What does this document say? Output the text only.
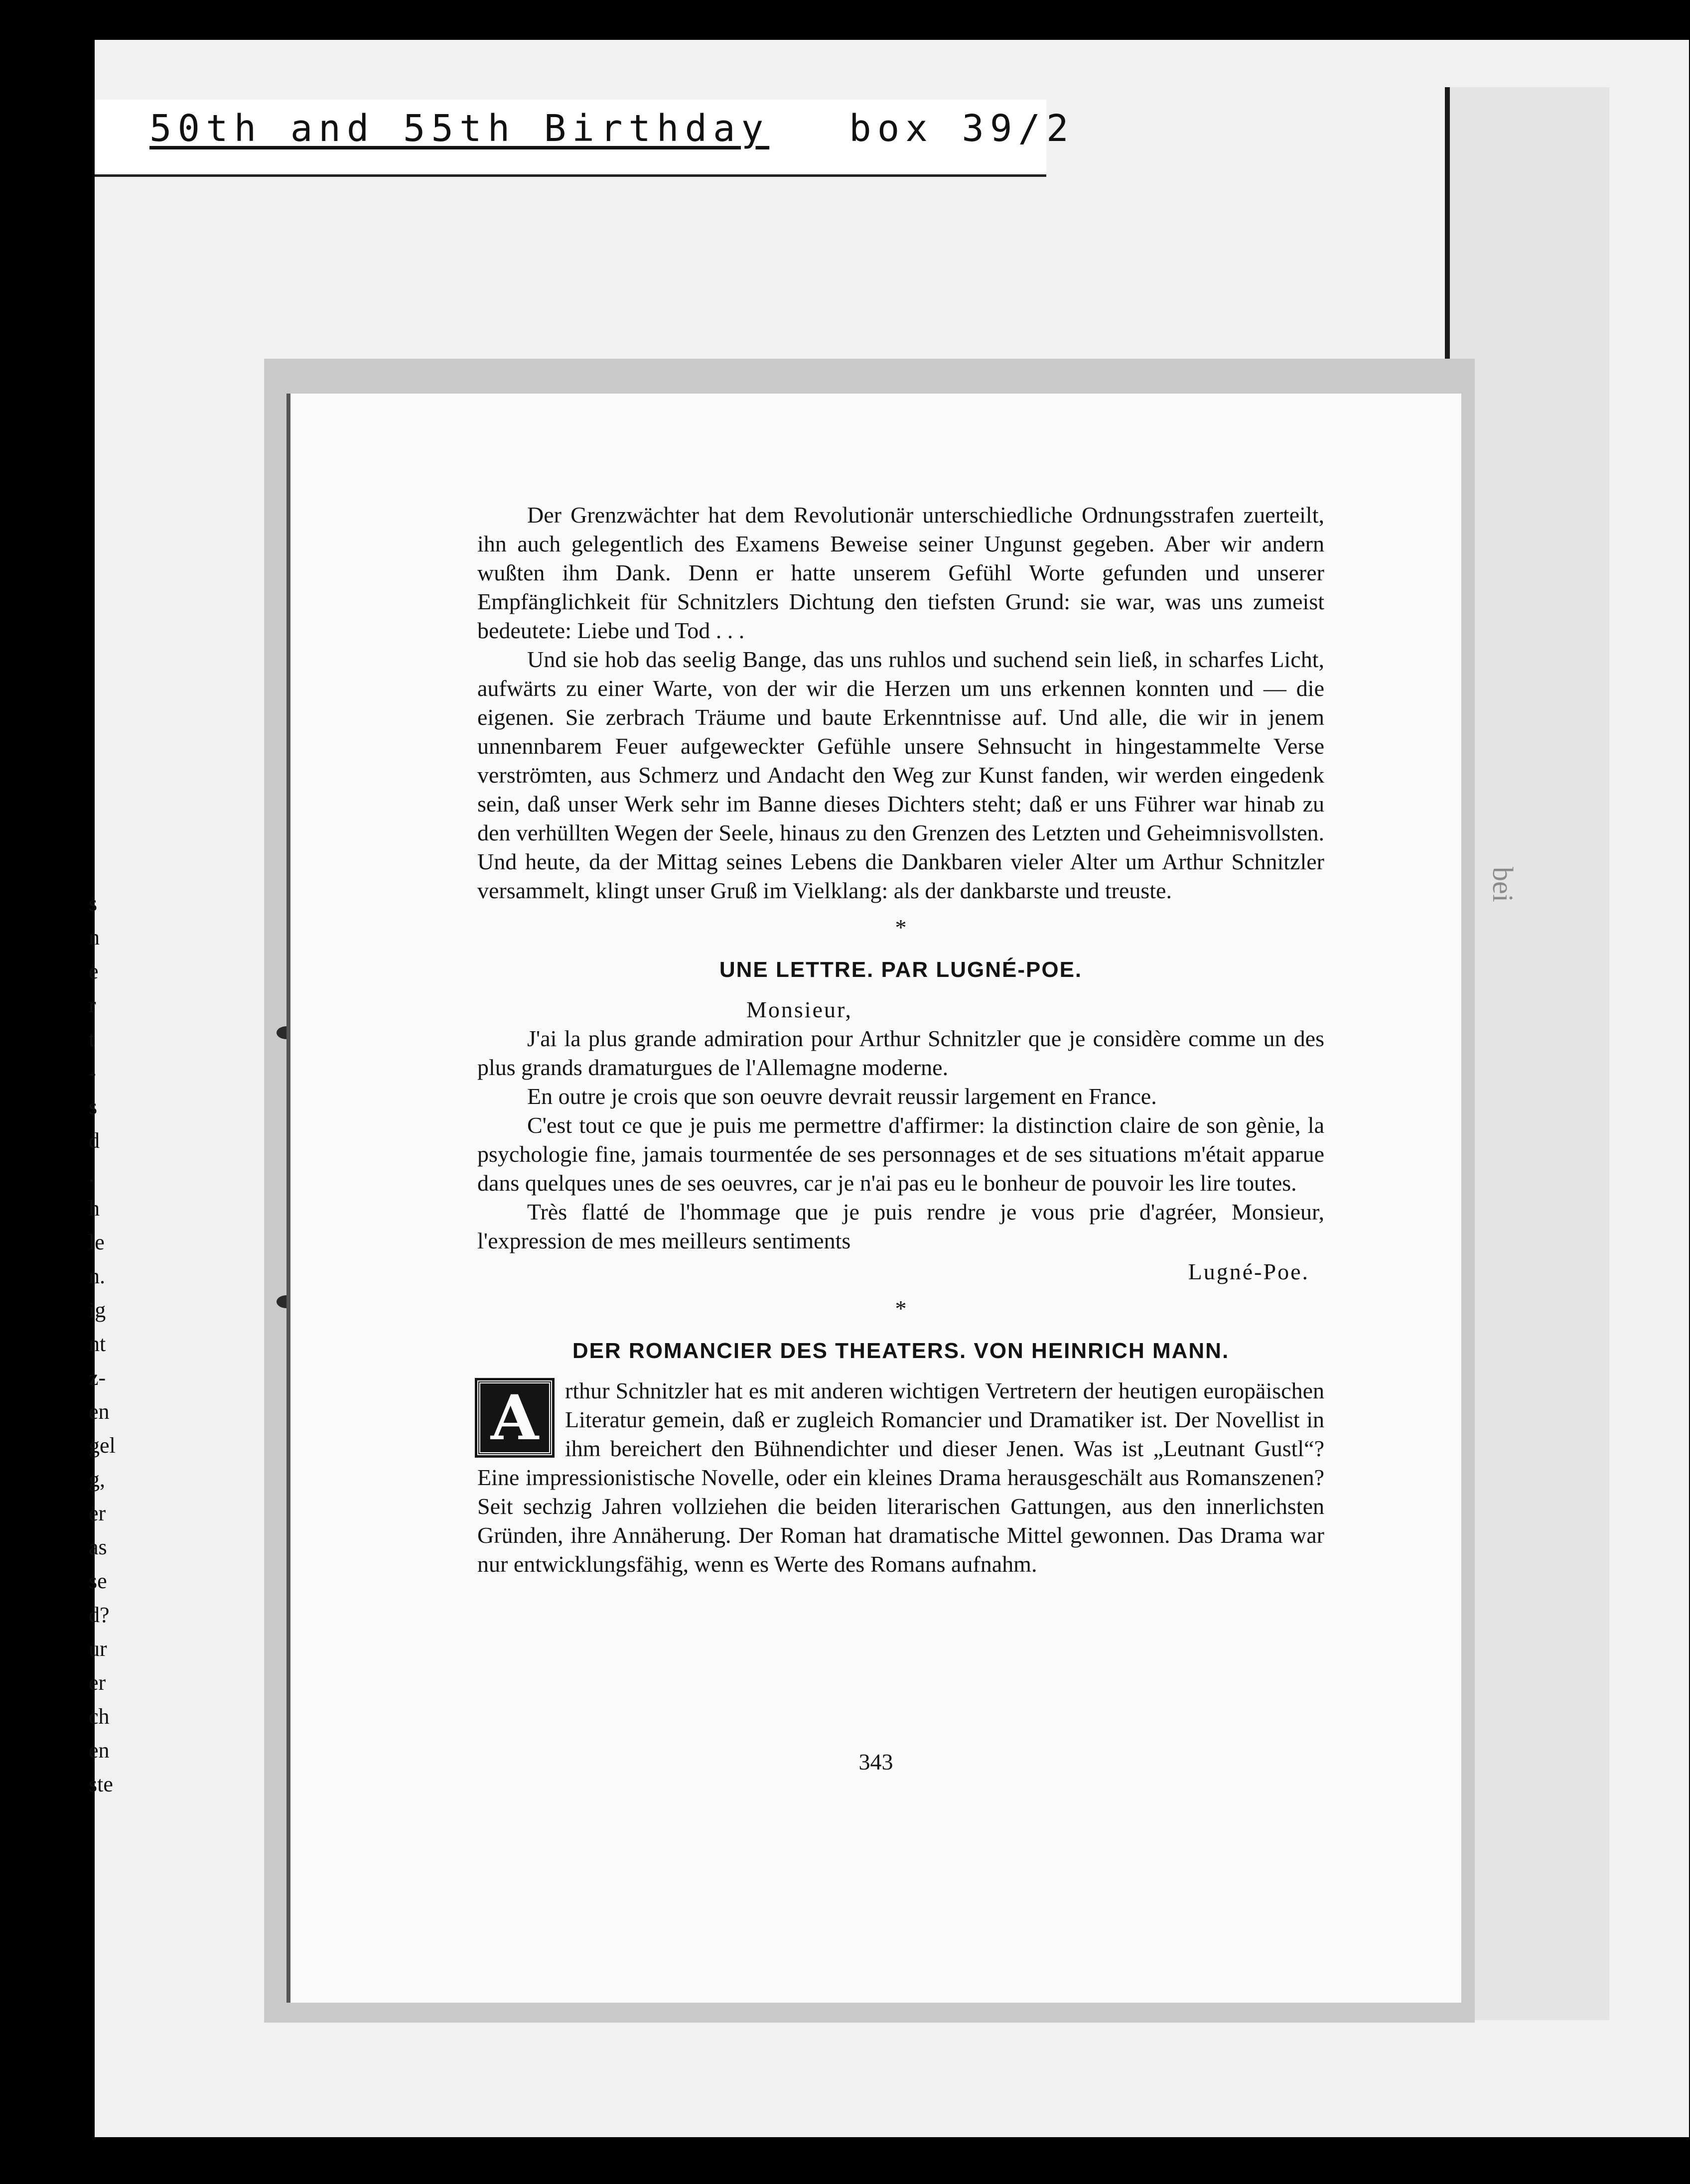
50th and 55th Birthday box 39/2
s
n
e
r
t
-
s
d
.
h
le
n.
ig
nt
z-
en
gel
g,
er
as
se
d?
ur
er
ch
en
ste
bei

Der Grenzwächter hat dem Revolutionär unterschiedliche Ordnungsstrafen zuerteilt, ihn auch gelegentlich des Examens Beweise seiner Ungunst gegeben. Aber wir andern wußten ihm Dank. Denn er hatte unserem Gefühl Worte gefunden und unserer Empfänglichkeit für Schnitzlers Dichtung den tiefsten Grund: sie war, was uns zumeist bedeutete: Liebe und Tod . . .

Und sie hob das seelig Bange, das uns ruhlos und suchend sein ließ, in scharfes Licht, aufwärts zu einer Warte, von der wir die Herzen um uns erkennen konnten und — die eigenen. Sie zerbrach Träume und baute Erkenntnisse auf. Und alle, die wir in jenem unnennbarem Feuer aufgeweckter Gefühle unsere Sehnsucht in hingestammelte Verse verströmten, aus Schmerz und Andacht den Weg zur Kunst fanden, wir werden eingedenk sein, daß unser Werk sehr im Banne dieses Dichters steht; daß er uns Führer war hinab zu den verhüllten Wegen der Seele, hinaus zu den Grenzen des Letzten und Geheimnisvollsten. Und heute, da der Mittag seines Lebens die Dankbaren vieler Alter um Arthur Schnitzler versammelt, klingt unser Gruß im Vielklang: als der dankbarste und treuste.

*
UNE LETTRE. PAR LUGNÉ-POE.

Monsieur,

J'ai la plus grande admiration pour Arthur Schnitzler que je considère comme un des plus grands dramaturgues de l'Allemagne moderne.

En outre je crois que son oeuvre devrait reussir largement en France.

C'est tout ce que je puis me permettre d'affirmer: la distinction claire de son gènie, la psychologie fine, jamais tourmentée de ses personnages et de ses situations m'était apparue dans quelques unes de ses oeuvres, car je n'ai pas eu le bonheur de pouvoir les lire toutes.

Très flatté de l'hommage que je puis rendre je vous prie d'agréer, Monsieur, l'expression de mes meilleurs sentiments

Lugné-Poe.

*
DER ROMANCIER DES THEATERS. VON HEINRICH MANN.
A	rthur Schnitzler hat es mit anderen wichtigen Vertretern der heutigen europäischen Literatur gemein, daß er zugleich Romancier und Dramatiker ist. Der Novellist in ihm bereichert den Bühnendichter und dieser Jenen. Was ist „Leutnant Gustl“? Eine impressionistische Novelle, oder ein kleines Drama herausgeschält aus Romanszenen? Seit sechzig Jahren vollziehen die beiden literarischen Gattungen, aus den innerlichsten Gründen, ihre Annäherung. Der Roman hat dramatische Mittel gewonnen. Das Drama war nur entwicklungsfähig, wenn es Werte des Romans aufnahm.

343
